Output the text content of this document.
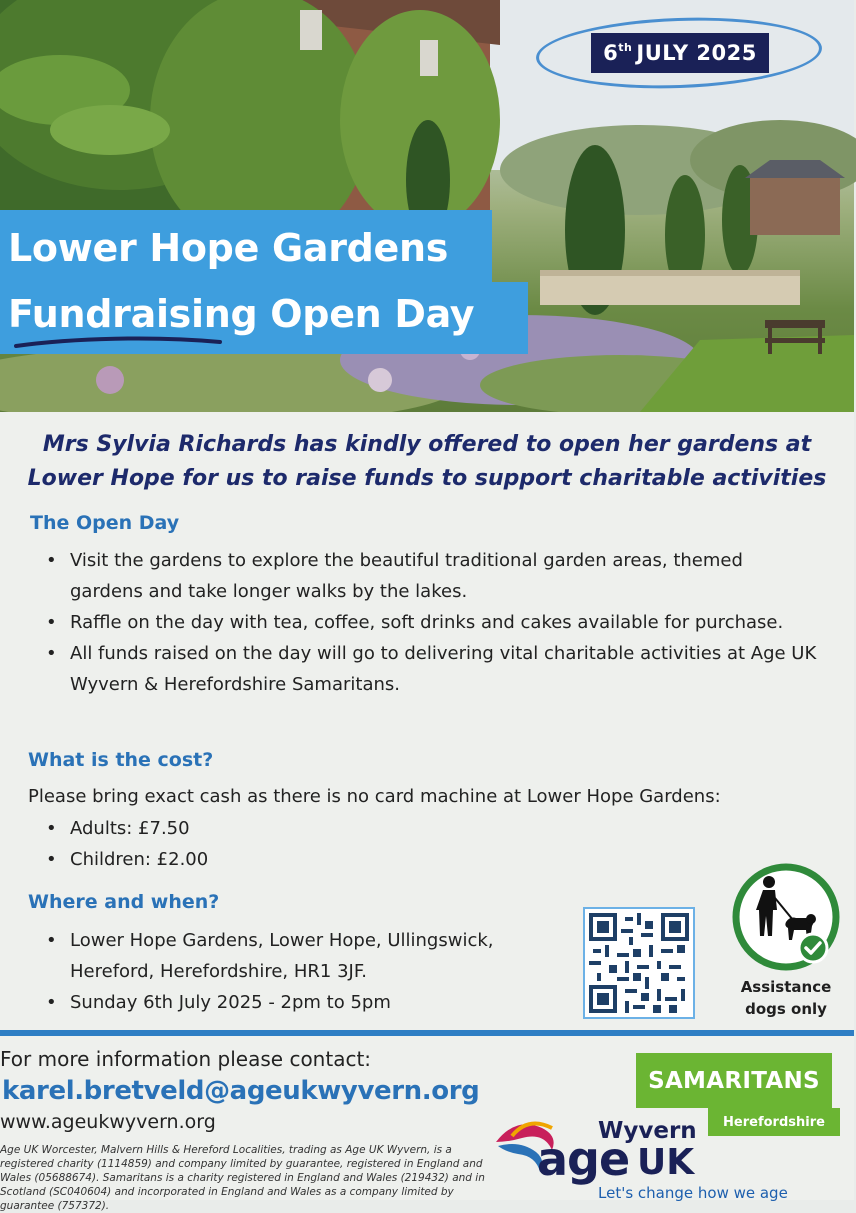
6th JULY 2025
Lower Hope Gardens
Fundraising Open Day
Mrs Sylvia Richards has kindly offered to open her gardens at Lower Hope for us to raise funds to support charitable activities
The Open Day
• Visit the gardens to explore the beautiful traditional garden areas, themed gardens and take longer walks by the lakes.
• Raffle on the day with tea, coffee, soft drinks and cakes available for purchase.
• All funds raised on the day will go to delivering vital charitable activities at Age UK Wyvern & Herefordshire Samaritans.
What is the cost?
Please bring exact cash as there is no card machine at Lower Hope Gardens:
• Adults: £7.50
• Children: £2.00
Where and when?
• Lower Hope Gardens, Lower Hope, Ullingswick, Hereford, Herefordshire, HR1 3JF.
• Sunday 6th July 2025 - 2pm to 5pm
Assistance
dogs only
For more information please contact:
karel.bretveld@ageukwyvern.org
www.ageukwyvern.org
Age UK Worcester, Malvern Hills & Hereford Localities, trading as Age UK Wyvern, is a registered charity (1114859) and company limited by guarantee, registered in England and Wales (05688674). Samaritans is a charity registered in England and Wales (219432) and in Scotland (SC040604) and incorporated in England and Wales as a company limited by guarantee (757372).
SAMARITANS
Herefordshire
Wyvern
age UK
Let's change how we age
